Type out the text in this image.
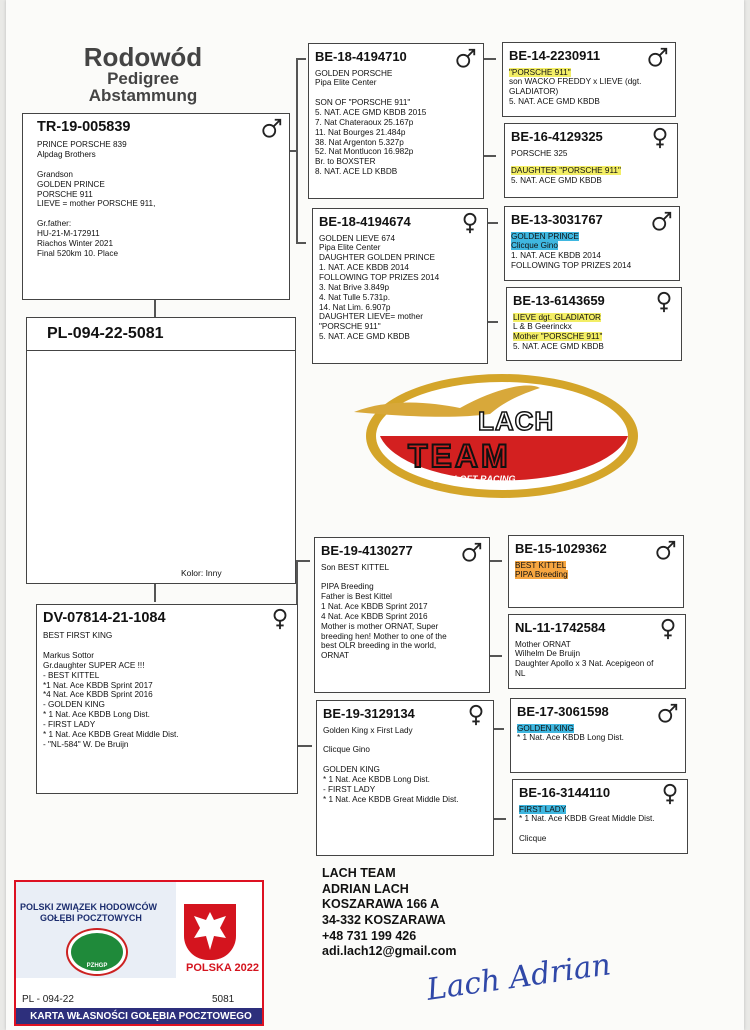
Rodowód
Pedigree
Abstammung
TR-19-005839
PRINCE PORSCHE 839
Alpdag Brothers

Grandson
GOLDEN PRINCE
PORSCHE 911
LIEVE = mother PORSCHE 911,

Gr.father:
HU-21-M-172911
Riachos Winter 2021
Final 520km 10. Place
PL-094-22-5081
Kolor: Inny
BE-18-4194710
GOLDEN PORSCHE
Pipa Elite Center

SON OF "PORSCHE 911"
5. NAT. ACE GMD KBDB 2015
7. Nat Chateraoux 25.167p
11. Nat Bourges 21.484p
38. Nat Argenton 5.327p
52. Nat Montlucon 16.982p
Br. to BOXSTER
8. NAT. ACE LD KBDB
BE-18-4194674
GOLDEN LIEVE 674
Pipa Elite Center
DAUGHTER GOLDEN PRINCE
1. NAT. ACE KBDB 2014
FOLLOWING TOP PRIZES 2014
3. Nat Brive 3.849p
4. Nat Tulle 5.731p.
14. Nat Lim. 6.907p
DAUGHTER LIEVE= mother
"PORSCHE 911"
5. NAT. ACE GMD KBDB
BE-14-2230911
"PORSCHE 911"
son WACKO FREDDY x LIEVE (dgt.
GLADIATOR)
5. NAT. ACE GMD KBDB
BE-16-4129325
PORSCHE 325
DAUGHTER "PORSCHE 911"
5. NAT. ACE GMD KBDB
BE-13-3031767
GOLDEN PRINCE
Clicque Gino
1. NAT. ACE KBDB 2014
FOLLOWING TOP PRIZES 2014
BE-13-6143659
LIEVE dgt. GLADIATOR
L & B Geerinckx
Mother "PORSCHE 911"
5. NAT. ACE GMD KBDB
LACH
TEAM
ONE LOFT RACING
DV-07814-21-1084
BEST FIRST KING

Markus Sottor
Gr.daughter SUPER ACE !!!
- BEST KITTEL
*1 Nat. Ace KBDB Sprint 2017
*4 Nat. Ace KBDB Sprint 2016
- GOLDEN KING
* 1 Nat. Ace KBDB Long Dist.
- FIRST LADY
* 1 Nat. Ace KBDB Great Middle Dist.
- "NL-584" W. De Bruijn
BE-19-4130277
Son BEST KITTEL

PIPA Breeding
Father is Best Kittel
1 Nat. Ace KBDB Sprint 2017
4 Nat. Ace KBDB Sprint 2016
Mother is mother ORNAT, Super
breeding hen! Mother to one of the
best OLR breeding in the world,
ORNAT
BE-19-3129134
Golden King x First Lady

Clicque Gino

GOLDEN KING
* 1 Nat. Ace KBDB Long Dist.
- FIRST LADY
* 1 Nat. Ace KBDB Great Middle Dist.
BE-15-1029362
BEST KITTEL
PIPA Breeding
NL-11-1742584
Mother ORNAT
Wilhelm De Bruijn
Daughter Apollo x 3 Nat. Acepigeon of
NL
BE-17-3061598
GOLDEN KING
* 1 Nat. Ace KBDB Long Dist.
BE-16-3144110
FIRST LADY
* 1 Nat. Ace KBDB Great Middle Dist.

Clicque
LACH TEAM
ADRIAN LACH
KOSZARAWA 166 A
34-332 KOSZARAWA
+48 731 199 426
adi.lach12@gmail.com
Lach Adrian
POLSKI ZWIĄZEK HODOWCÓW
GOŁĘBI POCZTOWYCH
PZHGP	POLSKA 2022
PL - 094-22	5081
KARTA WŁASNOŚCI GOŁĘBIA POCZTOWEGO
